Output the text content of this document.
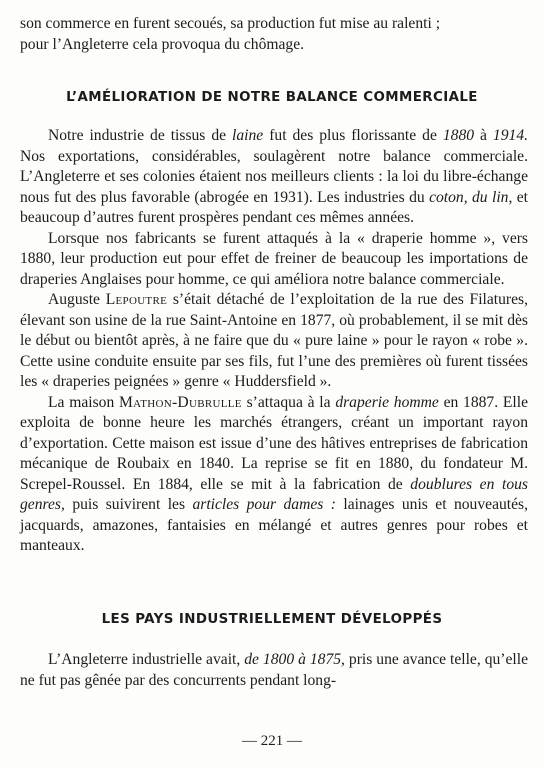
son commerce en furent secoués, sa production fut mise au ralenti ;
pour l’Angleterre cela provoqua du chômage.

L’AMÉLIORATION DE NOTRE BALANCE COMMERCIALE

Notre industrie de tissus de laine fut des plus florissante de 1880 à 1914. Nos exportations, considérables, soulagèrent notre balance commerciale. L’Angleterre et ses colonies étaient nos meilleurs clients : la loi du libre-échange nous fut des plus favorable (abrogée en 1931). Les industries du coton, du lin, et beaucoup d’autres furent prospères pendant ces mêmes années.

Lorsque nos fabricants se furent attaqués à la « draperie homme », vers 1880, leur production eut pour effet de freiner de beaucoup les importations de draperies Anglaises pour homme, ce qui améliora notre balance commerciale.

Auguste Lepoutre s’était détaché de l’exploitation de la rue des Filatures, élevant son usine de la rue Saint-Antoine en 1877, où probablement, il se mit dès le début ou bientôt après, à ne faire que du « pure laine » pour le rayon « robe ». Cette usine conduite ensuite par ses fils, fut l’une des premières où furent tissées les « draperies peignées » genre « Huddersfield ».

La maison Mathon-Dubrulle s’attaqua à la draperie homme en 1887. Elle exploita de bonne heure les marchés étrangers, créant un important rayon d’exportation. Cette maison est issue d’une des hâtives entreprises de fabrication mécanique de Roubaix en 1840. La reprise se fit en 1880, du fondateur M. Screpel-Roussel. En 1884, elle se mit à la fabrication de doublures en tous genres, puis suivirent les articles pour dames : lainages unis et nouveautés, jacquards, amazones, fantaisies en mélangé et autres genres pour robes et manteaux.

LES PAYS INDUSTRIELLEMENT DÉVELOPPÉS

L’Angleterre industrielle avait, de 1800 à 1875, pris une avance telle, qu’elle ne fut pas gênée par des concurrents pendant long-

— 221 —
